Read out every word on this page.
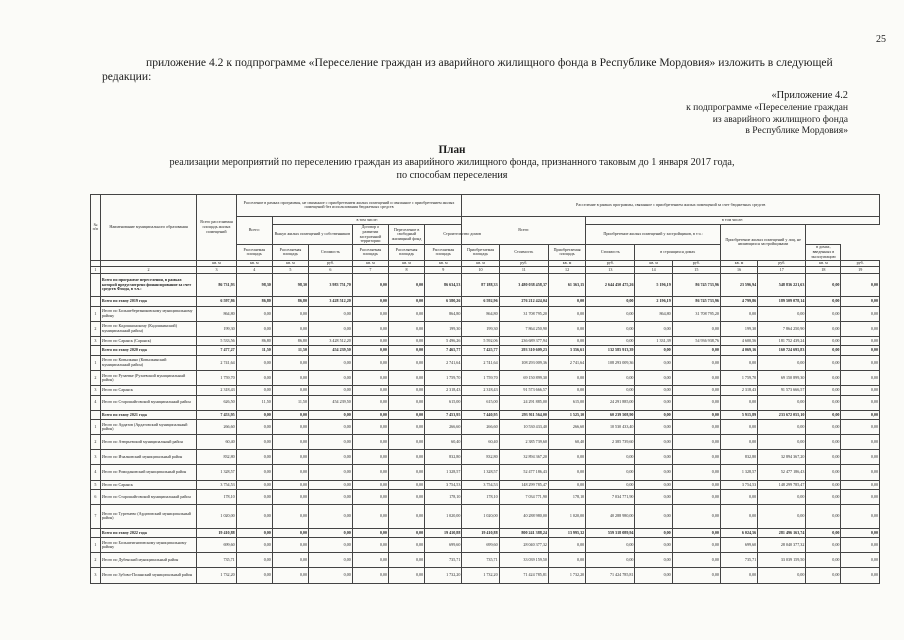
25
приложение 4.2 к подпрограмме «Переселение граждан из аварийного жилищного фонда в Республике Мордовия» изложить в следующей
редакции:
«Приложение 4.2
к подпрограмме «Переселение граждан
из аварийного жилищного фонда
в Республике Мордовия»
План
реализации мероприятий по переселению граждан из аварийного жилищного фонда, признанного таковым до 1 января 2017 года,
по способам переселения
№ п/п	Наименование муниципального образования	Всего расселяемая площадь жилых помещений	Расселение в рамках программы, не связанное с приобретением жилых помещений и связанное с приобретением жилых помещений без использования бюджетных средств						Расселение в рамках программы, связанное с приобретением жилых помещений за счет бюджетных средств									
			Всего:	в том числе:					Всего:			в том числе:						
				Выкуп жилых помещений у собственников		Договор о развитии застроенной территории	Переселение в свободный жилищный фонд	Строительство домов				Приобретение жилых помещений у застройщиков, в т.ч.:			Приобретение жилых помещений у лиц, не являющихся застройщиками			
			Расселяемая площадь	Расселяемая площадь	Стоимость	Расселяемая площадь	Расселяемая площадь	Расселяемая площадь	Приобретаемая площадь	Стоимость	Приобретаемая площадь	Стоимость	в строящихся домах				в домах, введенных в эксплуатацию	
		кв. м	кв. м	кв. м	руб.	кв. м	кв. м	кв. м	кв. м	руб.	кв. м	руб.	кв. м	руб.	кв. м	руб.	кв. м	руб.
1	2	3	4	5	6	7	8	9	10	11	12	13	14	15	16	17	18	19
	Всего по программе переселения, в рамках которой предусмотрено финансирование за счет средств Фонда, в т.ч.:	86 731,93	98,30	98,30	3 983 751,70	0,00	0,00	86 634,53	87 188,33	3 480 038 458,37	61 363,15	2 644 450 475,26	5 196,19	86 745 733,96	23 596,94	548 836 221,63	0,00	0,00
	Всего по этапу 2019 года	6 597,86	86,80	86,80	3 428 512,20	0,00	0,00	6 580,26	6 592,96	276 212 424,04	0,00	0,00	2 196,19	86 745 733,96	4 799,86	189 509 078,14	0,00	0,00
1	Итого по Большеберезниковскому муниципальному району	864,80	0,00	0,00	0,00	0,00	0,00	864,80	864,80	31 708 795,20	0,00	0,00	864,80	31 708 795,20	0,00	0,00	0,00	0,00
2	Итого по Кадошкинскому (Кадошкинский) муниципальный район)	199,30	0,00	0,00	0,00	0,00	0,00	199,30	199,30	7 864 250,90	0,00	0,00	0,00	0,00	199,30	7 864 250,90	0,00	0,00
3	Итого по Саранск (Саранск)	5 533,56	86,80	86,80	3 428 512,20	0,00	0,00	5 496,26	5 592,06	236 689 377,94	0,00	0,00	1 331,39	54 936 938,76	4 600,56	181 752 439,24	0,00	0,00
	Всего по этапу 2020 года	7 477,27	11,50	11,50	454 239,50	0,00	0,00	7 465,77	7 425,77	293 310 609,23	3 356,61	132 585 913,39	0,00	0,00	4 069,16	160 724 695,83	0,00	0,00
1	Итого по Ковылкино (Ковылкинский муниципальный район)	2 741,64	0,00	0,00	0,00	0,00	0,00	2 741,64	2 741,64	108 293 009,36	2 741,64	108 293 009,36	0,00	0,00	0,00	0,00	0,00	0,00
2	Итого по Рузаевке (Рузаевский муниципальный район)	1 759,70	0,00	0,00	0,00	0,00	0,00	1 759,70	1 759,70	69 150 899,30	0,00	0,00	0,00	0,00	1 759,70	69 150 899,30	0,00	0,00
3	Итого по Саранск	2 318,43	0,00	0,00	0,00	0,00	0,00	2 318,43	2 318,43	91 573 666,57	0,00	0,00	0,00	0,00	2 318,43	91 573 666,57	0,00	0,00
4	Итого по Старошайговский муниципальный район	626,50	11,50	11,50	454 239,50	0,00	0,00	615,00	615,00	24 291 885,00	615,00	24 291 885,00	0,00	0,00	0,00	0,00	0,00	0,00
	Всего по этапу 2021 года	7 453,95	0,00	0,00	0,00	0,00	0,00	7 453,95	7 440,95	293 911 564,00	1 525,10	60 239 508,90	0,00	0,00	5 915,89	233 672 055,10	0,00	0,00
1	Итого по Ардатов (Ардатовский муниципальный район)	266,60	0,00	0,00	0,00	0,00	0,00	266,60	266,60	10 530 433,40	266,60	10 530 433,40	0,00	0,00	0,00	0,00	0,00	0,00
2	Итого по Атюрьевский муниципальный район	60,40	0,00	0,00	0,00	0,00	0,00	60,40	60,40	2 385 739,60	60,40	2 385 739,60	0,00	0,00	0,00	0,00	0,00	0,00
3	Итого по Ичалковский муниципальный район	832,80	0,00	0,00	0,00	0,00	0,00	832,80	832,80	32 894 367,20	0,00	0,00	0,00	0,00	832,80	32 894 367,20	0,00	0,00
4	Итого по Ромодановский муниципальный район	1 328,57	0,00	0,00	0,00	0,00	0,00	1 328,57	1 328,57	52 477 186,43	0,00	0,00	0,00	0,00	1 328,57	52 477 186,43	0,00	0,00
5	Итого по Саранск	3 754,53	0,00	0,00	0,00	0,00	0,00	3 754,53	3 754,53	148 299 785,47	0,00	0,00	0,00	0,00	3 754,53	148 299 785,47	0,00	0,00
6	Итого по Старошайговский муниципальный район	178,10	0,00	0,00	0,00	0,00	0,00	178,10	178,10	7 034 771,90	178,10	7 034 771,90	0,00	0,00	0,00	0,00	0,00	0,00
7	Итого по Тургенево (Ардатовский муниципальный район)	1 020,00	0,00	0,00	0,00	0,00	0,00	1 020,00	1 020,00	40 288 980,00	1 020,00	40 288 980,00	0,00	0,00	0,00	0,00	0,00	0,00
	Всего по этапу 2022 года	19 410,88	0,00	0,00	0,00	0,00	0,00	19 410,88	19 410,88	800 241 388,24	13 995,32	559 318 089,94	0,00	0,00	6 024,56	281 496 163,74	0,00	0,00
1	Итого по Большеигнатовскому муниципальному району	699,60	0,00	0,00	0,00	0,00	0,00	699,60	699,60	28 040 377,32	0,00	0,00	0,00	0,00	699,60	28 040 377,32	0,00	0,00
2	Итого по Дубенский муниципальный район	735,71	0,00	0,00	0,00	0,00	0,00	735,71	735,71	33 039 159,50	0,00	0,00	0,00	0,00	735,71	33 039 159,50	0,00	0,00
3	Итого по Зубово-Полянский муниципальный район	1 732,20	0,00	0,00	0,00	0,00	0,00	1 732,20	1 732,20	71 424 785,81	1 732,20	71 424 785,81	0,00	0,00	0,00	0,00	0,00	0,00
